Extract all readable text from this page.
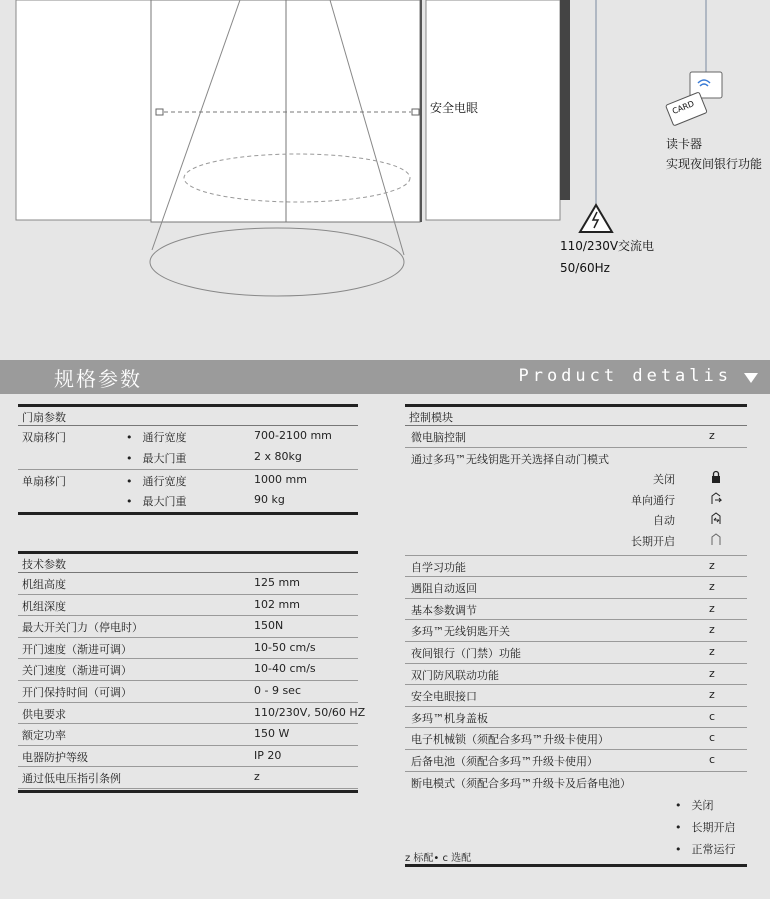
安全电眼	CARD
读卡器
实现夜间银行功能
110/230V交流电
50/60Hz
规格参数	Product detalis
门扇参数
双扇移门	• 通行宽度	700-2100 mm
• 最大门重	2 x 80kg
单扇移门	• 通行宽度	1000 mm
• 最大门重	90 kg
技术参数
机组高度	125 mm
机组深度	102 mm
最大开关门力（停电时）	150N
开门速度（渐进可调）	10-50 cm/s
关门速度（渐进可调）	10-40 cm/s
开门保持时间（可调）	0 - 9 sec
供电要求	110/230V, 50/60 HZ
额定功率	150 W
电器防护等级	IP 20
通过低电压指引条例	z
控制模块
微电脑控制	z
通过多玛™无线钥匙开关选择自动门模式
关闭
单向通行
自动
长期开启
自学习功能	z
遇阻自动返回	z
基本参数调节	z
多玛™无线钥匙开关	z
夜间银行（门禁）功能	z
双门防风联动功能	z
安全电眼接口	z
多玛™机身盖板	c
电子机械锁（须配合多玛™升级卡使用）	c
后备电池（须配合多玛™升级卡使用）	c
断电模式（须配合多玛™升级卡及后备电池）
• 关闭
• 长期开启
• 正常运行
z 标配• c 选配
